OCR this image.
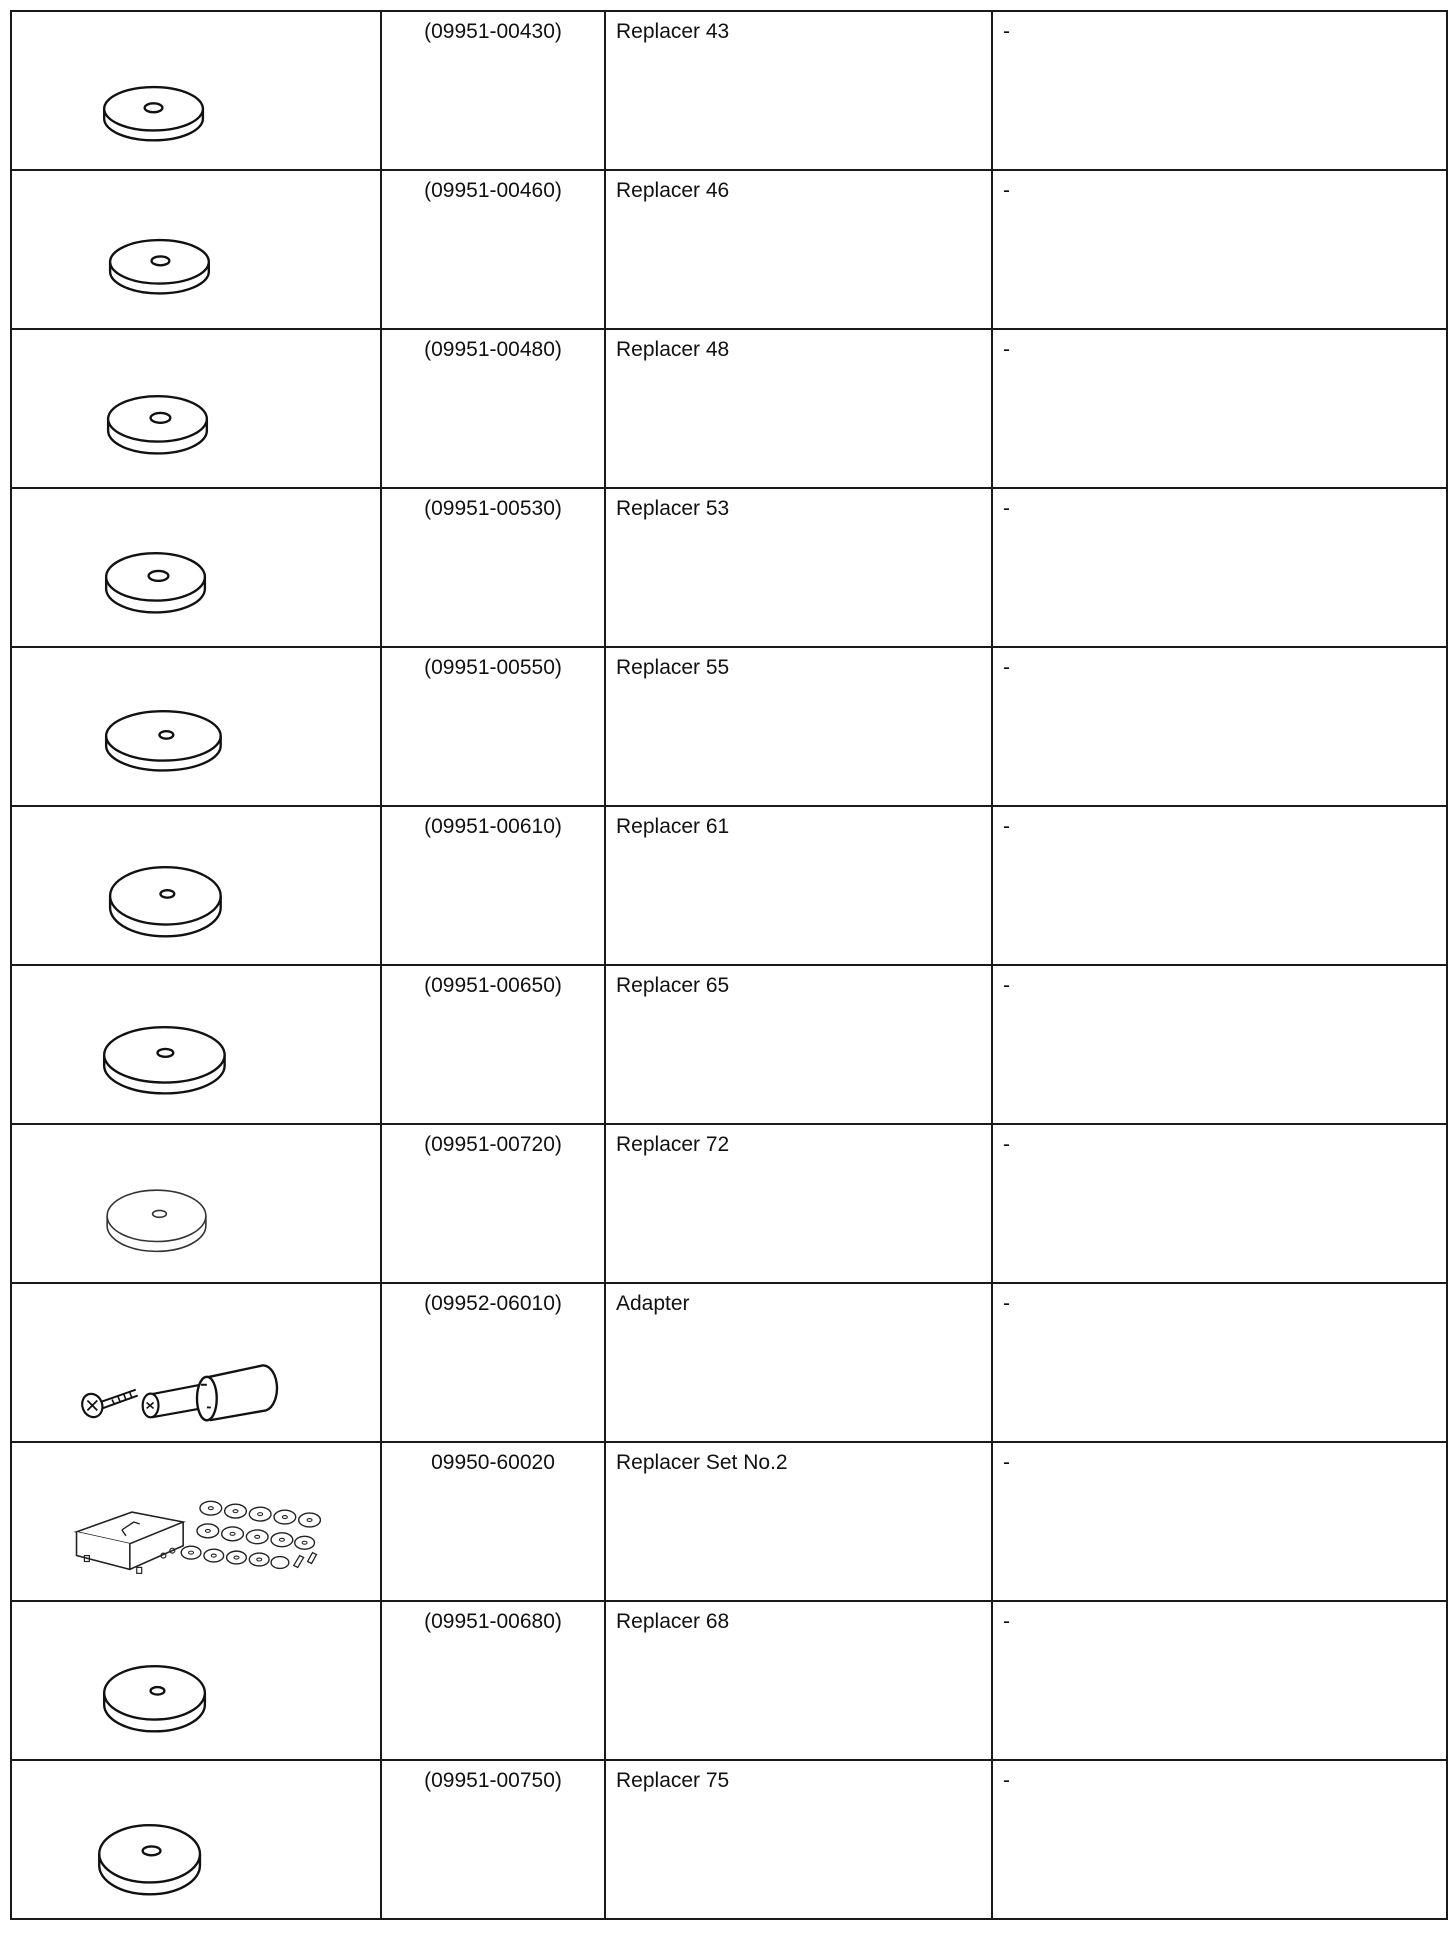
	(09951-00430)	Replacer 43	-

	(09951-00460)	Replacer 46	-

	(09951-00480)	Replacer 48	-

	(09951-00530)	Replacer 53	-

	(09951-00550)	Replacer 55	-

	(09951-00610)	Replacer 61	-

	(09951-00650)	Replacer 65	-

	(09951-00720)	Replacer 72	-

	(09952-06010)	Adapter	-

	09950-60020	Replacer Set No.2	-

	(09951-00680)	Replacer 68	-

	(09951-00750)	Replacer 75	-
